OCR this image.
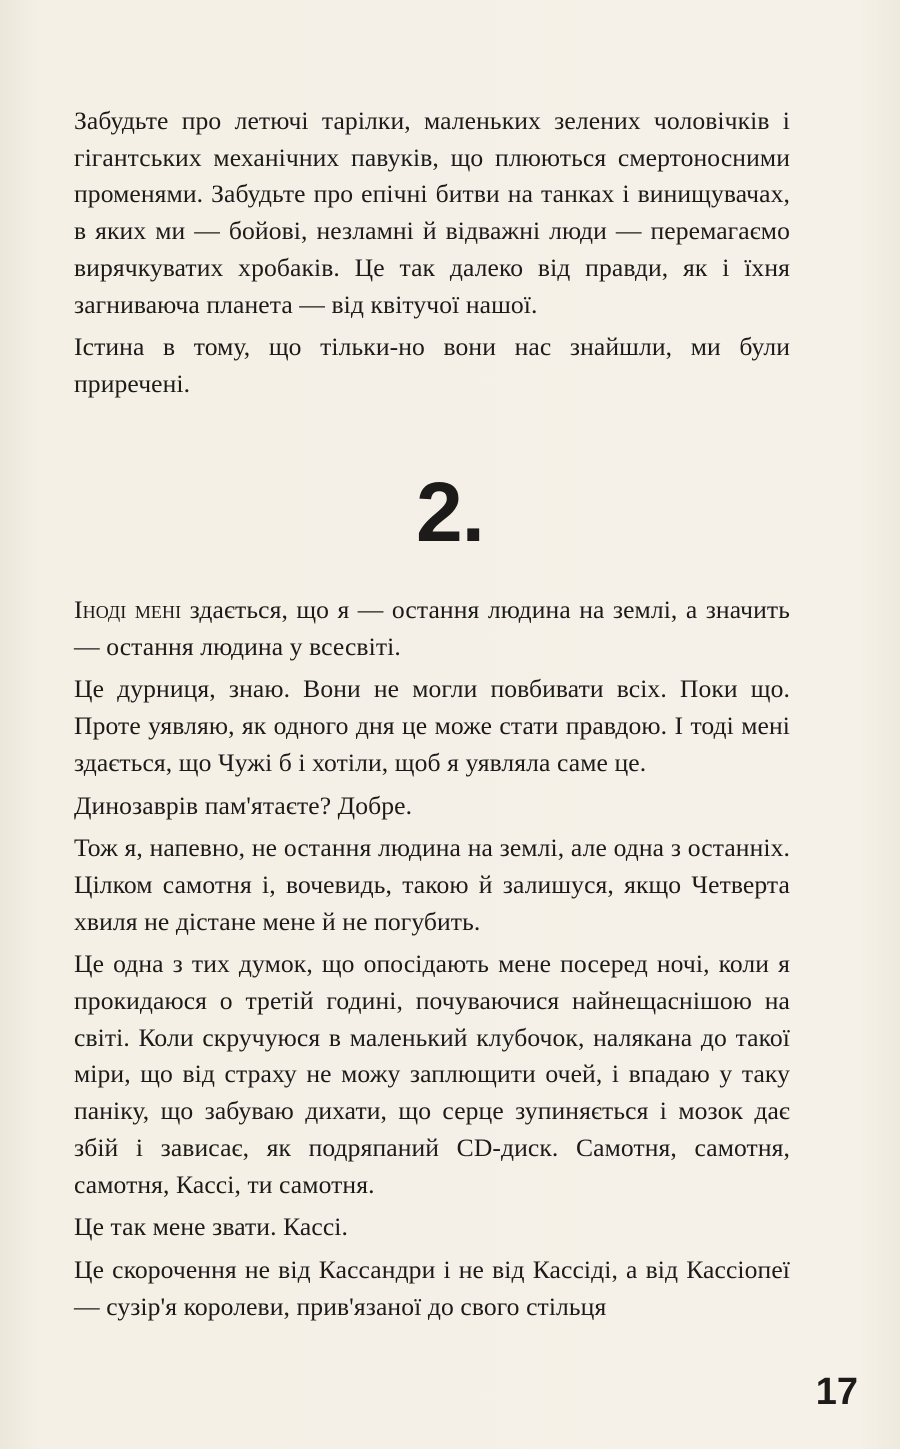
Забудьте про летючі тарілки, маленьких зелених чоловічків і гігантських механічних павуків, що плюються смертоносними променями. Забудьте про епічні битви на танках і винищувачах, в яких ми — бойові, незламні й відважні люди — перемагаємо вирячкуватих хробаків. Це так далеко від правди, як і їхня загниваюча планета — від квітучої нашої.

Істина в тому, що тільки-но вони нас знайшли, ми були приречені.

2.

Іноді мені здається, що я — остання людина на землі, а значить — остання людина у всесвіті.

Це дурниця, знаю. Вони не могли повбивати всіх. Поки що. Проте уявляю, як одного дня це може стати правдою. І тоді мені здається, що Чужі б і хотіли, щоб я уявляла саме це.

Динозаврів пам'ятаєте? Добре.

Тож я, напевно, не остання людина на землі, але одна з останніх. Цілком самотня і, вочевидь, такою й залишуся, якщо Четверта хвиля не дістане мене й не погубить.

Це одна з тих думок, що опосідають мене посеред ночі, коли я прокидаюся о третій годині, почуваючися найнещаснішою на світі. Коли скручуюся в маленький клубочок, налякана до такої міри, що від страху не можу заплющити очей, і впадаю у таку паніку, що забуваю дихати, що серце зупиняється і мозок дає збій і зависає, як подряпаний CD-диск. Самотня, самотня, самотня, Кассі, ти самотня.

Це так мене звати. Кассі.

Це скорочення не від Кассандри і не від Кассіді, а від Кассіопеї — сузір'я королеви, прив'язаної до свого стільця

17
